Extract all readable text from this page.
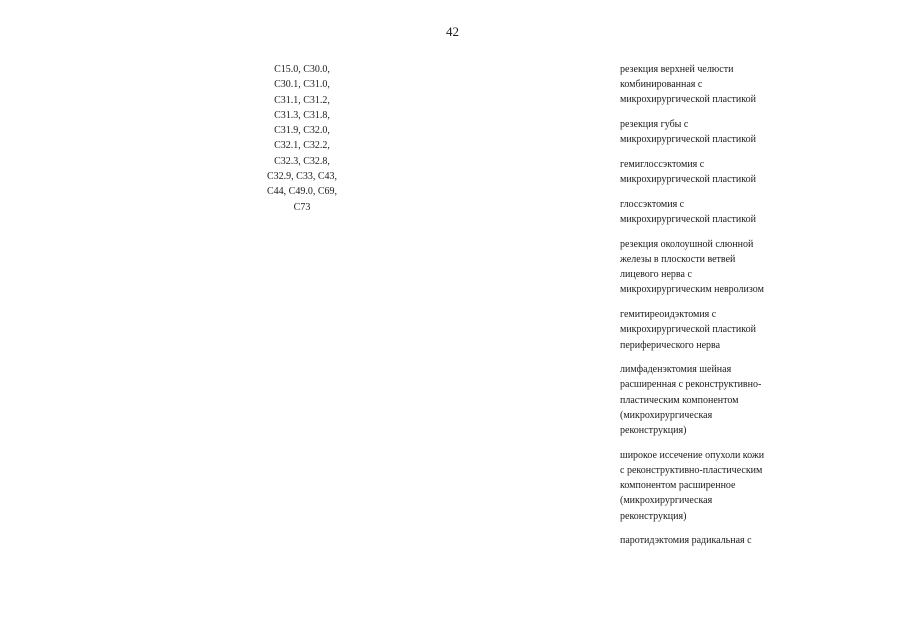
42
C15.0, C30.0,
C30.1, C31.0,
C31.1, C31.2,
C31.3, C31.8,
C31.9, C32.0,
C32.1, C32.2,
C32.3, C32.8,
C32.9, C33, C43,
C44, C49.0, C69,
C73
резекция верхней челюсти
комбинированная с
микрохирургической пластикой
резекция губы с
микрохирургической пластикой
гемиглоссэктомия с
микрохирургической пластикой
глоссэктомия с
микрохирургической пластикой
резекция околоушной слюнной
железы в плоскости ветвей
лицевого нерва с
микрохирургическим невролизом
гемитиреоидэктомия с
микрохирургической пластикой
периферического нерва
лимфаденэктомия шейная
расширенная с реконструктивно-
пластическим компонентом
(микрохирургическая
реконструкция)
широкое иссечение опухоли кожи
с реконструктивно-пластическим
компонентом расширенное
(микрохирургическая
реконструкция)
паротидэктомия радикальная с
